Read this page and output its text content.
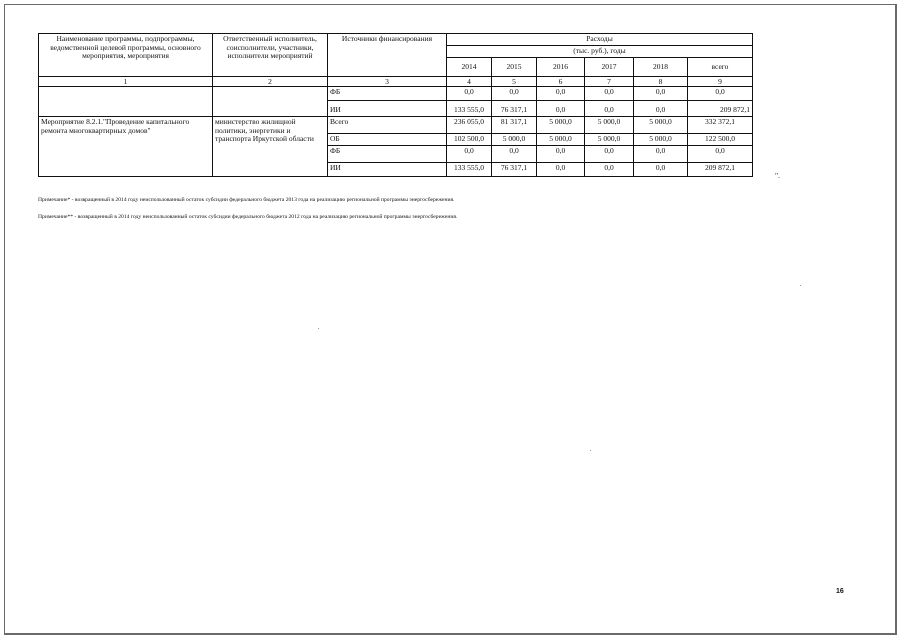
Наименование программы, подпрограммы, ведомственной целевой программы, основного мероприятия, мероприятия	Ответственный исполнитель, соисполнители, участники, исполнители мероприятий	Источники финансирования	Расходы					
			(тыс. руб.), годы					
			2014	2015	2016	2017	2018	всего
1	2	3	4	5	6	7	8	9
		ФБ	0,0	0,0	0,0	0,0	0,0	0,0
		ИИ	133 555,0	76 317,1	0,0	0,0	0,0	209 872,1
Мероприятие 8.2.1."Проведение капитального ремонта многоквартирных домов"	министерство жилищной политики, энергетики и транспорта Иркутской области	Всего	236 055,0	81 317,1	5 000,0	5 000,0	5 000,0	332 372,1
		ОБ	102 500,0	5 000,0	5 000,0	5 000,0	5 000,0	122 500,0
		ФБ	0,0	0,0	0,0	0,0	0,0	0,0
		ИИ	133 555,0	76 317,1	0,0	0,0	0,0	209 872,1
".
Примечание* - возвращенный в 2014 году неиспользованный остаток субсидии федерального бюджета 2013 года на реализацию региональной программы энергосбережения.
Примечание** - возвращенный в 2014 году неиспользованный остаток субсидии федерального бюджета 2012 года на реализацию региональной программы энергосбережения.
16
